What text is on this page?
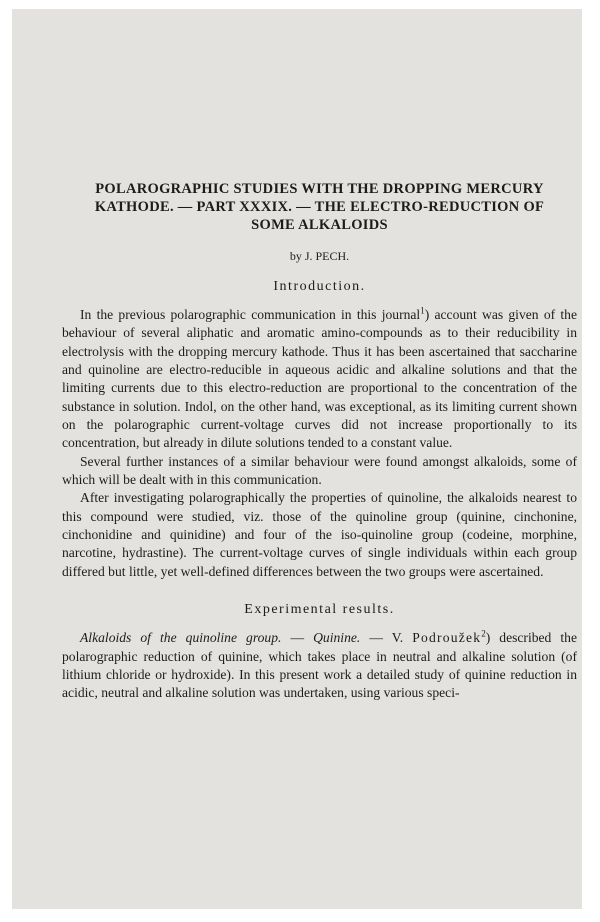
POLAROGRAPHIC STUDIES WITH THE DROPPING MERCURY
KATHODE. — PART XXXIX. — THE ELECTRO-REDUCTION OF
SOME ALKALOIDS
by J. PECH.
Introduction.

In the previous polarographic communication in this journal$^1$) account was given of the behaviour of several aliphatic and aromatic amino-compounds as to their reducibility in electrolysis with the dropping mercury kathode. Thus it has been ascertained that saccharine and quinoline are electro-reducible in aqueous acidic and alkaline solutions and that the limiting currents due to this electro-reduction are proportional to the concentration of the substance in solution. Indol, on the other hand, was exceptional, as its limiting current shown on the polarographic current-voltage curves did not increase proportionally to its concentration, but already in dilute solutions tended to a constant value.

Several further instances of a similar behaviour were found amongst alkaloids, some of which will be dealt with in this communication.

After investigating polarographically the properties of quinoline, the alkaloids nearest to this compound were studied, viz. those of the quinoline group (quinine, cinchonine, cinchonidine and quinidine) and four of the iso-quinoline group (codeine, morphine, narcotine, hydrastine). The current-voltage curves of single individuals within each group differed but little, yet well-defined differences between the two groups were ascertained.

Experimental results.

Alkaloids of the quinoline group. — Quinine. — V. Podroužek$^2$) described the polarographic reduction of quinine, which takes place in neutral and alkaline solution (of lithium chloride or hydroxide). In this present work a detailed study of quinine reduction in acidic, neutral and alkaline solution was undertaken, using various speci-
